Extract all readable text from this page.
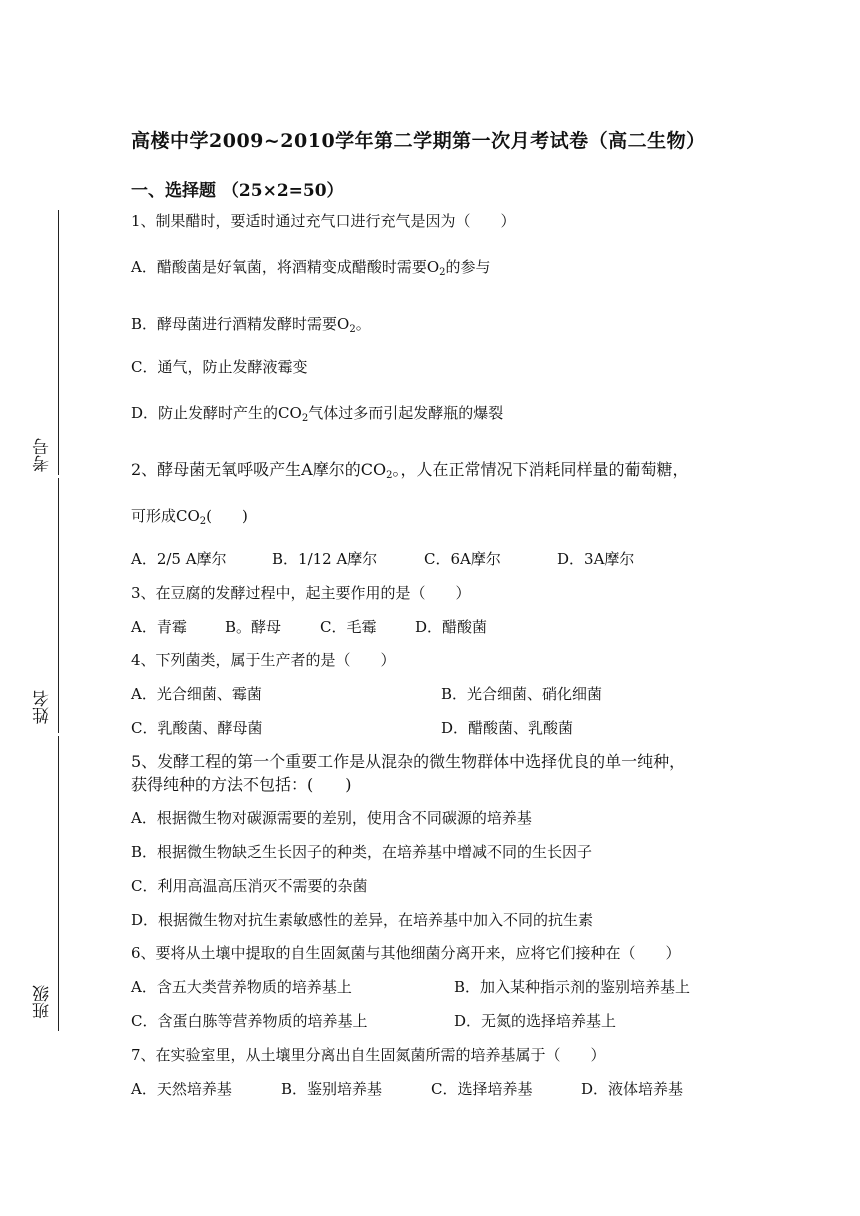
考号
姓名
班级
高楼中学2009~2010学年第二学期第一次月考试卷（高二生物）
一、选择题 （25×2=50）
1、制果醋时，要适时通过充气口进行充气是因为（　　）
A．醋酸菌是好氧菌，将酒精变成醋酸时需要$O_2$的参与
B．酵母菌进行酒精发酵时需要$O_2$。
C．通气，防止发酵液霉变
D．防止发酵时产生的$CO_2$气体过多而引起发酵瓶的爆裂
2、酵母菌无氧呼吸产生A摩尔的$CO_2$。，人在正常情况下消耗同样量的葡萄糖，
可形成$CO_2$(　　)
A．2/5 A摩尔	B．1/12 A摩尔	C．6A摩尔	D．3A摩尔
3、在豆腐的发酵过程中，起主要作用的是（　　）
A．青霉	B。酵母	C．毛霉	D．醋酸菌
4、下列菌类，属于生产者的是（　　）
A．光合细菌、霉菌	B．光合细菌、硝化细菌
C．乳酸菌、酵母菌	D．醋酸菌、乳酸菌
5、发酵工程的第一个重要工作是从混杂的微生物群体中选择优良的单一纯种，
获得纯种的方法不包括：(　　)
A．根据微生物对碳源需要的差别，使用含不同碳源的培养基
B．根据微生物缺乏生长因子的种类，在培养基中增减不同的生长因子
C．利用高温高压消灭不需要的杂菌
D．根据微生物对抗生素敏感性的差异，在培养基中加入不同的抗生素
6、要将从土壤中提取的自生固氮菌与其他细菌分离开来，应将它们接种在（　　）
A．含五大类营养物质的培养基上	B．加入某种指示剂的鉴别培养基上
C．含蛋白胨等营养物质的培养基上	D．无氮的选择培养基上
7、在实验室里，从土壤里分离出自生固氮菌所需的培养基属于（　　）
A．天然培养基	B．鉴别培养基	C．选择培养基	D．液体培养基
